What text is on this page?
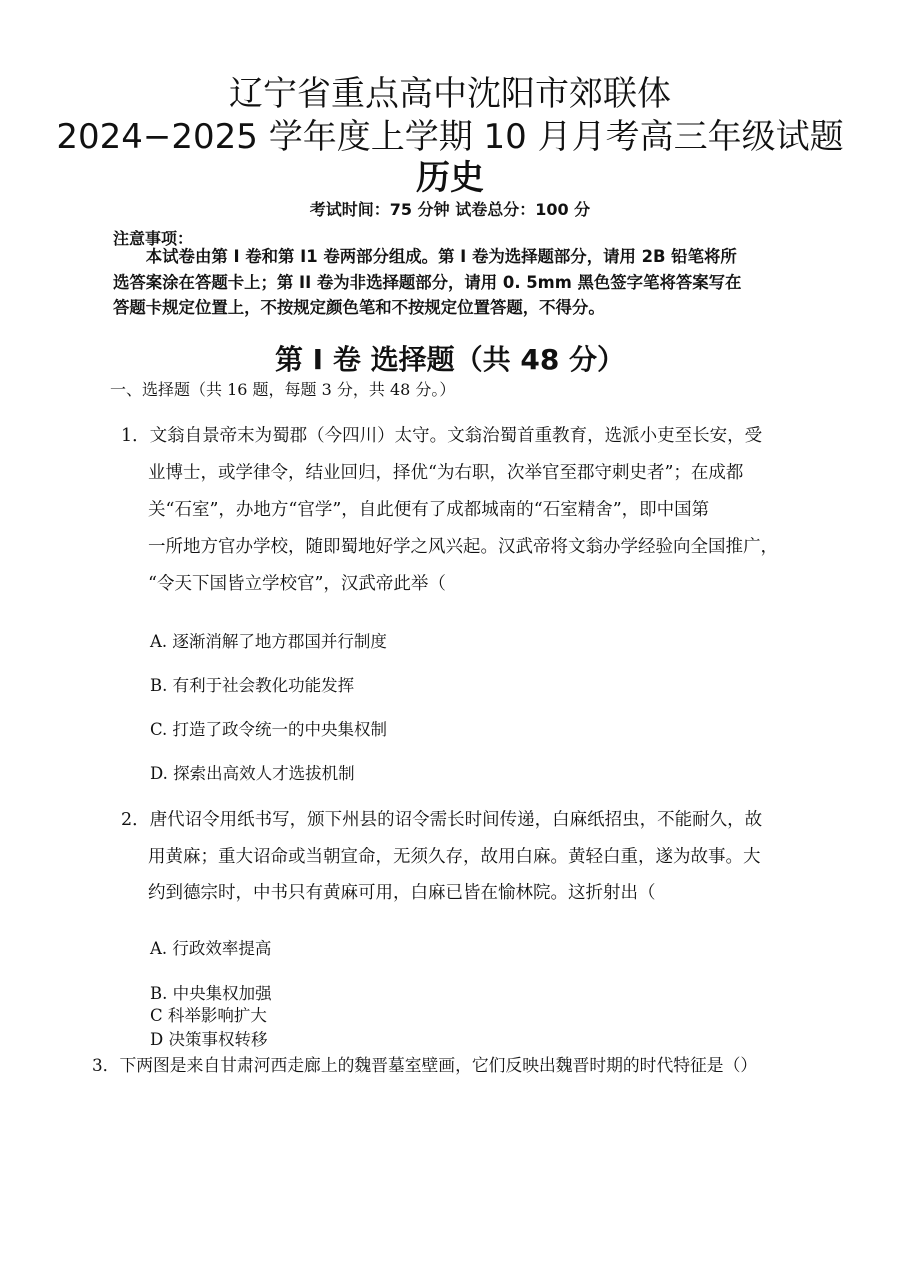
辽宁省重点高中沈阳市郊联体
2024−2025 学年度上学期 10 月月考高三年级试题
历史
考试时间：75 分钟 试卷总分：100 分
注意事项：
　　本试卷由第 I 卷和第 I1 卷两部分组成。第 I 卷为选择题部分，请用 2B 铅笔将所
选答案涂在答题卡上；第 II 卷为非选择题部分，请用 0. 5mm 黑色签字笔将答案写在
答题卡规定位置上，不按规定颜色笔和不按规定位置答题，不得分。
第 I 卷 选择题（共 48 分）
一、选择题（共 16 题，每题 3 分，共 48 分。）
1．文翁自景帝末为蜀郡（今四川）太守。文翁治蜀首重教育，选派小吏至长安，受
业博士，或学律令，结业回归，择优“为右职，次举官至郡守刺史者”；在成都
关“石室”，办地方“官学”，自此便有了成都城南的“石室精舍”，即中国第
一所地方官办学校，随即蜀地好学之风兴起。汉武帝将文翁办学经验向全国推广，
“令天下国皆立学校官”，汉武帝此举（
A. 逐渐消解了地方郡国并行制度
B. 有利于社会教化功能发挥
C. 打造了政令统一的中央集权制
D. 探索出高效人才选拔机制
2．唐代诏令用纸书写，颁下州县的诏令需长时间传递，白麻纸招虫，不能耐久，故
用黄麻；重大诏命或当朝宣命，无须久存，故用白麻。黄轻白重，遂为故事。大
约到德宗时，中书只有黄麻可用，白麻已皆在愉林院。这折射出（
A. 行政效率提高
B. 中央集权加强
C 科举影响扩大
D 决策事权转移
3．下两图是来自甘肃河西走廊上的魏晋墓室壁画，它们反映出魏晋时期的时代特征是（）
